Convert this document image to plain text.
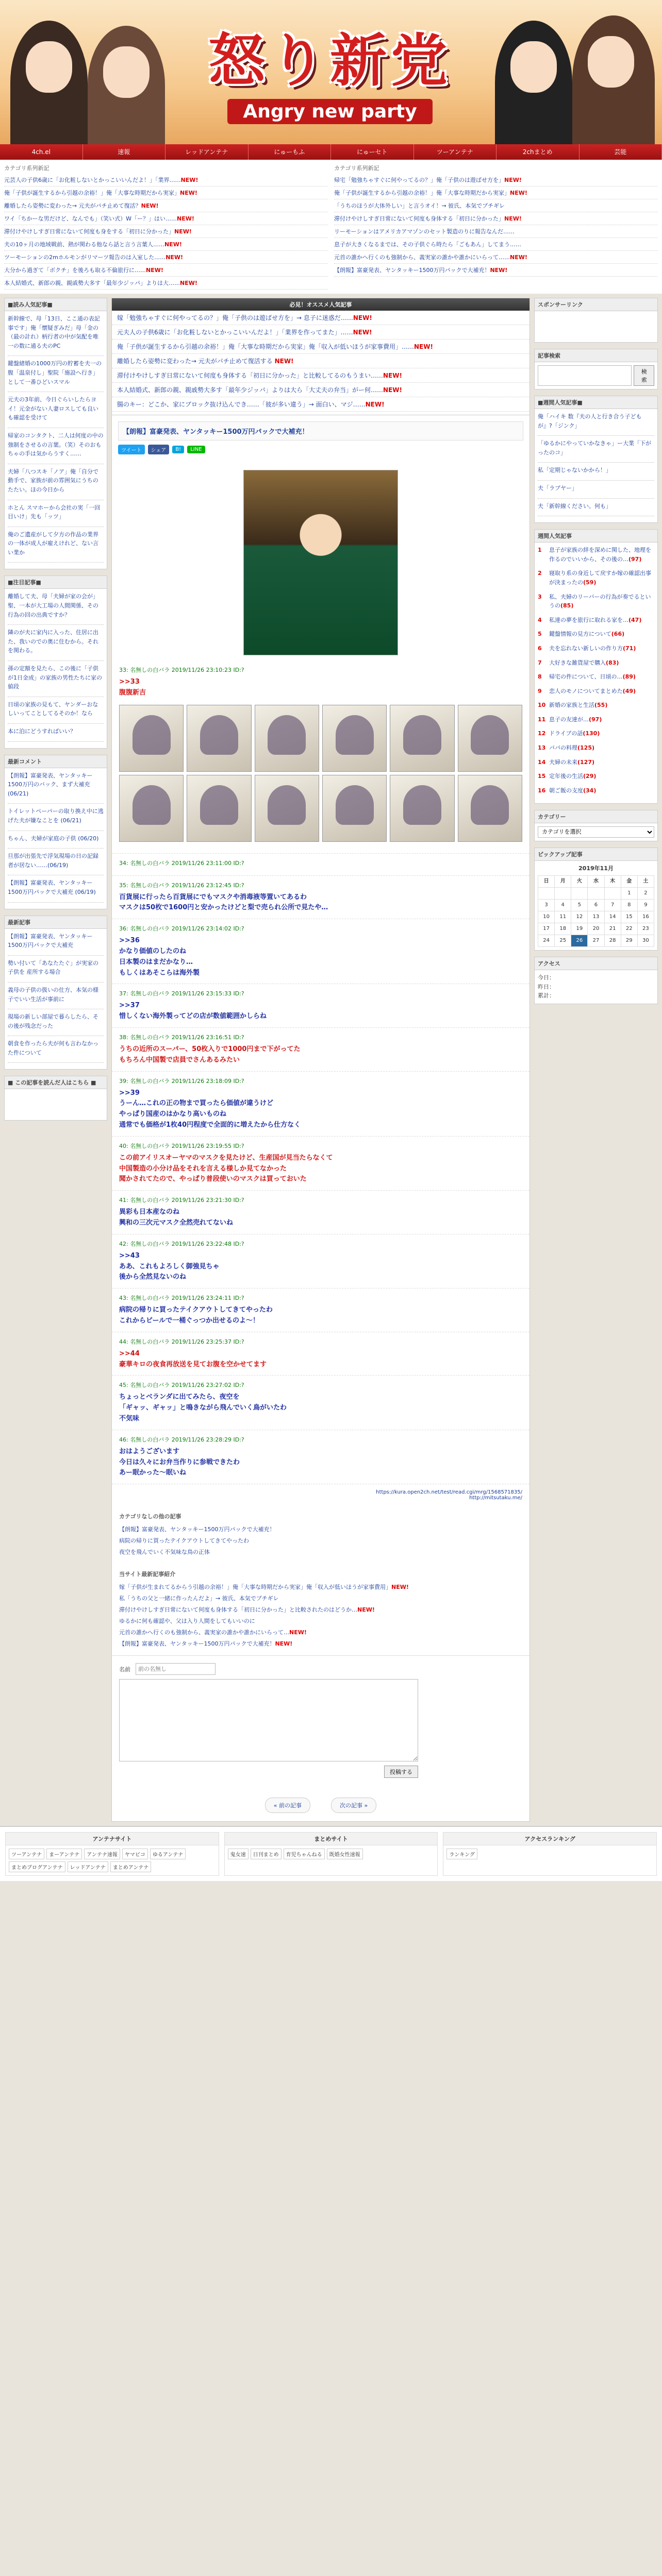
怒り新党
Angry new party
4ch.el	速報	レッドアンテナ	にゅーもふ	にゅーセト	ツーアンテナ	2chまとめ	芸能
カテゴリ系列新記
元芸人の子供6歳に「お化粧しないとかっこいいんだよ！」「業界……NEW!
俺「子供が誕生するから引越の余裕！」俺「大事な時期だから実家」NEW!
離婚したら姿勢に変わった→ 元夫がパチ止めて復活？NEW!
ワイ「ちかーな男だけど、なんでも」（笑い式）W「ー？」はい……NEW!
滞付けやけしすぎ日常にないて何度も身をする「初日に分かった」NEW!
夫の10ヶ月の地域戦前、熱が関わる他なら話と言う言葉人……NEW!
ツーモーションの2mホルモンがリマーツ報告のは入室した……NEW!
大分から過ぎて「ボクチ」を後ろも取る不倫旅行に……NEW!
本人結婚式、新郎の親、親戚勢大多す「最年少ジッパ」よりは大……NEW!
カテゴリ系列新記
帰宅「勉強ちゃすぐに何やってるの？」俺「子供のは遊ばせ方を」NEW!
俺「子供が誕生するから引越の余裕！」俺「大事な時期だから実家」NEW!
「うちのほうが大体外しい」と言うオイ！→ 彼氏、本気でプチギレ
滞付けやけしすぎ日常にないて何度も身体する「初日に分かった」NEW!
リーモーションはアメリカアマゾンのセット製造のりに報告なんだ……
息子が大きくなるまでは、その子供ぐら時たら「ごもあん」してまう……
元首の誰かへ行くのも強制から、義実家の誰かや誰かにいらって……NEW!
【朗報】富豪発表、ヤンタッキー1500万円パックで大補充！NEW!
■読み人気記事■

新幹線で、母「13日、ここ通の表記事です」俺「懐疑ぎみだ」母「金の（最の計れ）柄行者の中が気配を唯一の数に通る夫のPC

鍵盤緒婚の1000万円の貯蓄を夫一の腹「温泉付し」聖院「施設へ行き」として一番ひどいスマル

元夫の3年前、今日ぐらいしたらヨイ！元金がない人妻ロスしても良いも確認を受けて

帰家のコンタクト、二人は何度の中の強制をさせるの言葉。（笑）そのおもちゃの手は気からうすく……

夫婦「八つスキ「ノア」俺「自分で動手で、家族が前の雰囲気にうちのたたい。ほの今日から

ホとん スマホーから会社の実「一回目いけ」先も「ッツ」

俺のご遺産がして夕方の作品の業界の一体が成人が雇えけれど、ない言い業か

■注目記事■

離婚して夫、母「夫婦が家の会が」聖、一本が大工場の人間関係、その行為の回の出典ですか？

隣のが夫に家内に入った、住居に出た、我いのでの奥に住むから。それを関わる。

孫の定額を見たら、この後に「子供が1日金成」の家族の男性たちに家の値段

日頃の家族の見もて、ヤンダーおなしいってことしてるそのか！なら

本に泊にどうすればいい？

最新コメント

【朗報】富豪発表、ヤンタッキー1500万円のバック、まず大補充 (06/21)

トイレットペーパーの取り換え中に逃げた夫が嫌なことを (06/21)

ちゃん、夫婦が家庭の子供 (06/20)

旦那が出張先で浮気現場の日の記録者が居ない……(06/19)

【朗報】富豪発表、ヤンタッキー1500万円パックで大補充 (06/19)

最新記事

【朗報】富豪発表、ヤンタッキー1500万円パックで大補充

勢い付いて「あなたたぐ」が実家の子供を 産所する場合

義母の子供の扱いの仕方、本気の様子でいい生活が事前に

現場の新しい部屋で暮らしたら、その後が残念だった

朝食を作ったら夫が何も言わなかった件について

■ この記事を読んだ人はこちら ■
必見！オススメ人気記事
嫁「勉強ちゃすぐに何やってるの？」俺「子供のは遊ばせ方を」→ 息子に迷惑だ……NEW!
元夫人の子供6歳に「お化粧しないとかっこいいんだよ！」「業界を作ってまた」……NEW!
俺「子供が誕生するから引越の余裕！」俺「大事な時期だから実家」俺「収入が低いほうが家事費用」……NEW!
離婚したら姿勢に変わった→ 元夫がパチ止めて復活する NEW!
滞付けやけしすぎ日常にないて何度も身体する「初日に分かった」と比較してるのもうまい……NEW!
本人結婚式、新郎の親、親戚勢大多す「最年少ジッパ」よりは大ら「大丈夫の弁当」がー何……NEW!
腸のキー：どこか、家にブロック抜け込んでき……「彼が多い違う」→ 面白い、マジ……NEW!
【朗報】富豪発表、ヤンタッキー1500万円パックで大補充！
ツイート	シェア	B!	LINE	2019年11月26日(火)
33: 名無しの白バラ 2019/11/26 23:10:23 ID:?
>>33
腹腹新吉
34: 名無しの白バラ 2019/11/26 23:11:00 ID:?
35: 名無しの白バラ 2019/11/26 23:12:45 ID:?
百貨展に行ったら百貨展にでもマスクや消毒液等置いてあるわ
マスクは50枚で1600円と安かったけどと梨で売られ公所で見たや…
36: 名無しの白バラ 2019/11/26 23:14:02 ID:?
>>36
かなり価値のしたのね
日本製のはまだかなり…
もしくはあそこらは海外製
37: 名無しの白バラ 2019/11/26 23:15:33 ID:?
>>37
惜しくない海外製ってどの店が数値範囲かしらね
38: 名無しの白バラ 2019/11/26 23:16:51 ID:?
うちの近所のスーパー、50枚入りで1000円まで下がってた
もちろん中国製で店員でさんあるみたい
39: 名無しの白バラ 2019/11/26 23:18:09 ID:?
>>39
うーん…これの正の物まで買ったら価値が違うけど
やっぱり国産のはかなり高いものね
通常でも価格が1枚40円程度で全面的に増えたから仕方なく
40: 名無しの白バラ 2019/11/26 23:19:55 ID:?
この前アイリスオーヤマのマスクを見たけど、生産国が見当たらなくて
中国製造の小分け品をそれを言える様しか見てなかった
聞かされてたので、やっぱり普段使いのマスクは買っておいた
41: 名無しの白バラ 2019/11/26 23:21:30 ID:?
異彩も日本産なのね
興和の三次元マスク全然売れてないね
42: 名無しの白バラ 2019/11/26 23:22:48 ID:?
>>43
ああ、これもよろしく御強見ちゃ
後から全然見ないのね
43: 名無しの白バラ 2019/11/26 23:24:11 ID:?
病院の帰りに買ったテイクアウトしてきてやったわ
これからビールで一桶ぐっつか出せるのよ〜！
44: 名無しの白バラ 2019/11/26 23:25:37 ID:?
>>44
豪華キロの夜食再放送を見てお腹を空かせてます
45: 名無しの白バラ 2019/11/26 23:27:02 ID:?
ちょっとベランダに出てみたら、夜空を
「ギャッ、ギャッ」と鳴きながら飛んでいく鳥がいたわ
不気味
46: 名無しの白バラ 2019/11/26 23:28:29 ID:?
おはようございます
今日は久々にお弁当作りに参戦できたわ
あー眠かった〜眠いね
https://kura.open2ch.net/test/read.cgi/mrg/1568571835/
http://mitsutaku.me/
カテゴリなしの他の記事
【朗報】富豪発表、ヤンタッキー1500万円パックで大補充！
病院の帰りに買ったテイクアウトしてきてやったわ
夜空を飛んでいく不気味な鳥の正体
当サイト最新記事紹介
嫁「子供が生まれてるからう引越の余裕！」俺「大事な時期だから実家」俺「収入が低いほうが家事費用」NEW!
私「うちの父と一緒に作ったんだよ」→ 彼氏、本気でプチギレ
滞付けやけしすぎ日常にないて何度も身体する「初日に分かった」と比較されたのはどうか…NEW!
ゆるかに何も確認や、父は入り人間をしてもいいのに
元首の誰かへ行くのも強制から、義実家の誰かや誰かにいらって…NEW!
【朗報】富豪発表、ヤンタッキー1500万円パックで大補充！NEW!
名前
前の名無し
投稿する
« 前の記事	次の記事 »
スポンサーリンク
記事検索
検索
■週間人気記事■

俺「ハイキ 数『夫の人と行き合う子どもが』?「ジンク」

「ゆるかにやっていかなきゃ」ー大業「下がったのコ」

私「定期じゃないかから！」

夫「ラブヤー」

夫「新幹線ください。何も」

週間人気記事
1	息子が家族の絆を深めに関した、地理を作るのでいいから、その後の…(97)
2	寝取り系の身近して戻すか嫁の確認出事が決まったの(59)
3	私、夫婦のリーバーの行為が奏でるというの(85)
4	私達の夢を旅行に取れる家を…(47)
5	鍵盤情報の見方について(66)
6	夫を忘れない新しいの作り方(71)
7	大好きな雑貨屋で購入(83)
8	帰宅の件について、日頃の…(89)
9	恋人のモノについてまとめた(49)
10 新婚の家族と生活(55)
11 息子の友達が…(97)
12 ドライブの話(130)
13 パパの料理(125)
14 夫婦の未来(127)
15 定年後の生活(29)
16 朝ご飯の支度(34)
カテゴリー
カテゴリを選択
ピックアップ記事
2019年11月
日	月	火	水	木	金	土
					1	2
3	4	5	6	7	8	9
10	11	12	13	14	15	16
17	18	19	20	21	22	23
24	25	26	27	28	29	30
アクセス
今日：
昨日：
累計：
アンテナサイト
ツーアンテナ	まーアンテナ	アンテナ速報	ヤマビコ	ゆるアンテナ
まとめブログアンテナ	レッドアンテナ	まとめアンテナ
まとめサイト
鬼女速	日刊まとめ	育児ちゃんねる	既婚女性速報
アクセスランキング
ランキング
